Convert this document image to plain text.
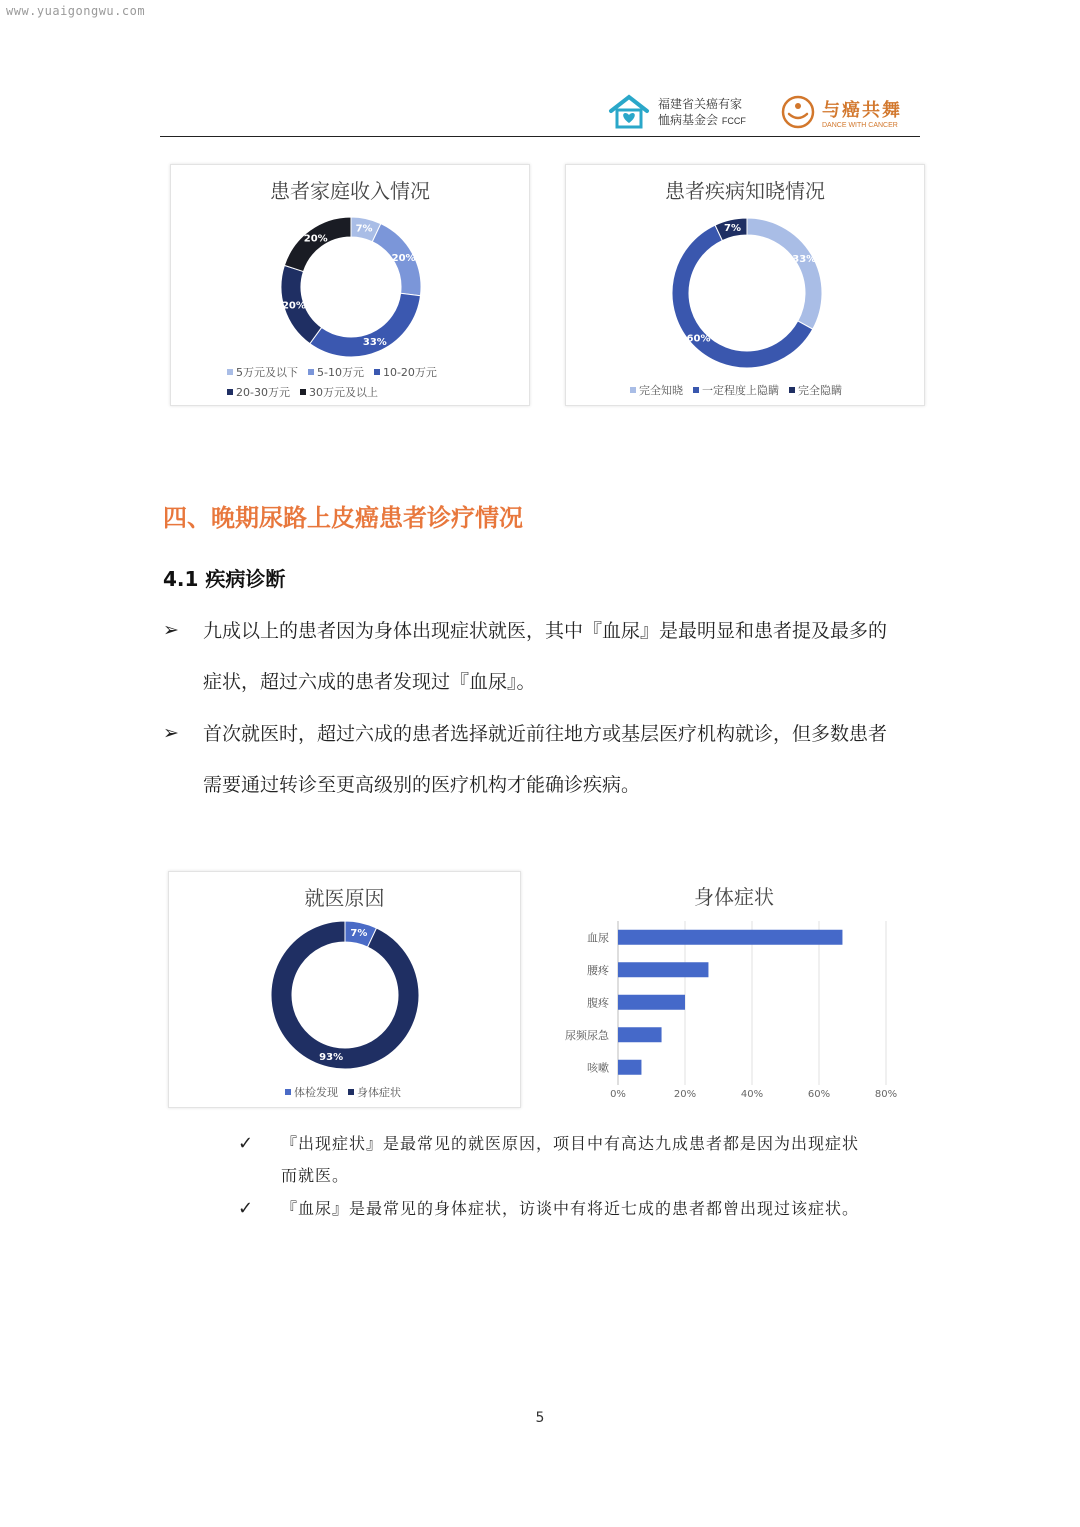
www.yuaigongwu.com
福建省关癌有家
恤病基金会 FCCF	与癌共舞
DANCE WITH CANCER
患者家庭收入情况
7%
20%
33%
20%
20%
5万元及以下 5-10万元 10-20万元
20-30万元 30万元及以上
患者疾病知晓情况
33%
60%
7%
完全知晓 一定程度上隐瞒 完全隐瞒
四、晚期尿路上皮癌患者诊疗情况
4.1 疾病诊断
➢ 九成以上的患者因为身体出现症状就医，其中『血尿』是最明显和患者提及最多的
症状，超过六成的患者发现过『血尿』。
➢ 首次就医时，超过六成的患者选择就近前往地方或基层医疗机构就诊，但多数患者
需要通过转诊至更高级别的医疗机构才能确诊疾病。
就医原因
7%
93%
体检发现 身体症状
身体症状
0%	20%	40%	60%	80%
血尿
腰疼
腹疼
尿频尿急
咳嗽
✓ 『出现症状』是最常见的就医原因，项目中有高达九成患者都是因为出现症状
而就医。
✓ 『血尿』是最常见的身体症状，访谈中有将近七成的患者都曾出现过该症状。
5
